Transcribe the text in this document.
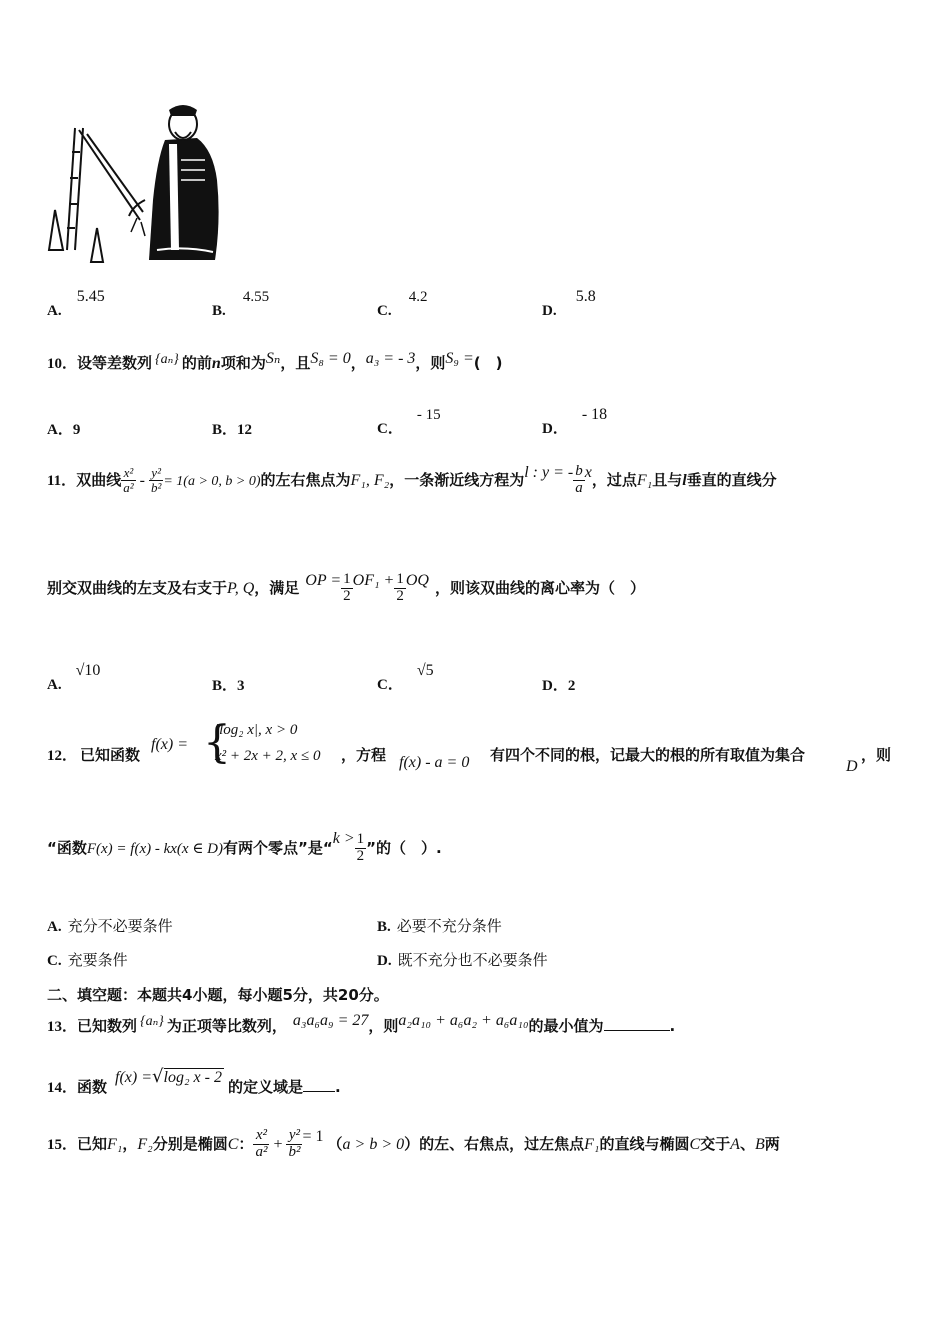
A. 5.45
B. 4.55
C. 4.2
D. 5.8
10．设等差数列 {aₙ} 的前n项和为Sₙ，且S₈ = 0，a₃ = - 3，则S₉ =(　)
A．9	B．12	C．- 15
D．- 18
11．双曲线 $\frac{\text{x²}}{\text{a²}} - \frac{\text{y²}}{\text{b²}} = 1(a > 0$, b > 0)的左右焦点为F₁, F₂，一条渐近线方程为l : y = - $\frac{b}{a}$ x，过点F₁且与l垂直的直线分
别交双曲线的左支及右支于P, Q，满足 OP = $\frac{1}{2} OF_1 + \frac{1}{2}$ OQ ，则该双曲线的离心率为（　）
A.√10
B．3	C．√5
D．2
12． 已知函数
f(x) = {
|log₂ x|, x > 0
x² + 2x + 2, x ≤ 0 ，方程 f(x) - a = 0 有四个不同的根，记最大的根的所有取值为集合
D
，则
“函数F(x) = f(x) - kx(x ∈ D)有两个零点”是“$k > \frac{1}{2}$ ”的（　）.
A. 充分不必要条件	B. 必要不充分条件
C. 充要条件	D. 既不充分也不必要条件
二、填空题：本题共4小题，每小题5分，共20分。
13．已知数列 {aₙ} 为正项等比数列， a₃a₆a₉ = 27，则a₂a₁₀ + a₆a₂ + a₆a₁₀的最小值为	.
14．函数f(x) =√log₂ x - 2的定义域是 .
15．已知F₁，F₂分别是椭圆C： $\frac{\text{x²}}{\text{a²}} + \frac{\text{y²}}{\text{b²}} = 1$ （a > b > 0）的左、右焦点，过左焦点F₁的直线与椭圆C交于A、B两
